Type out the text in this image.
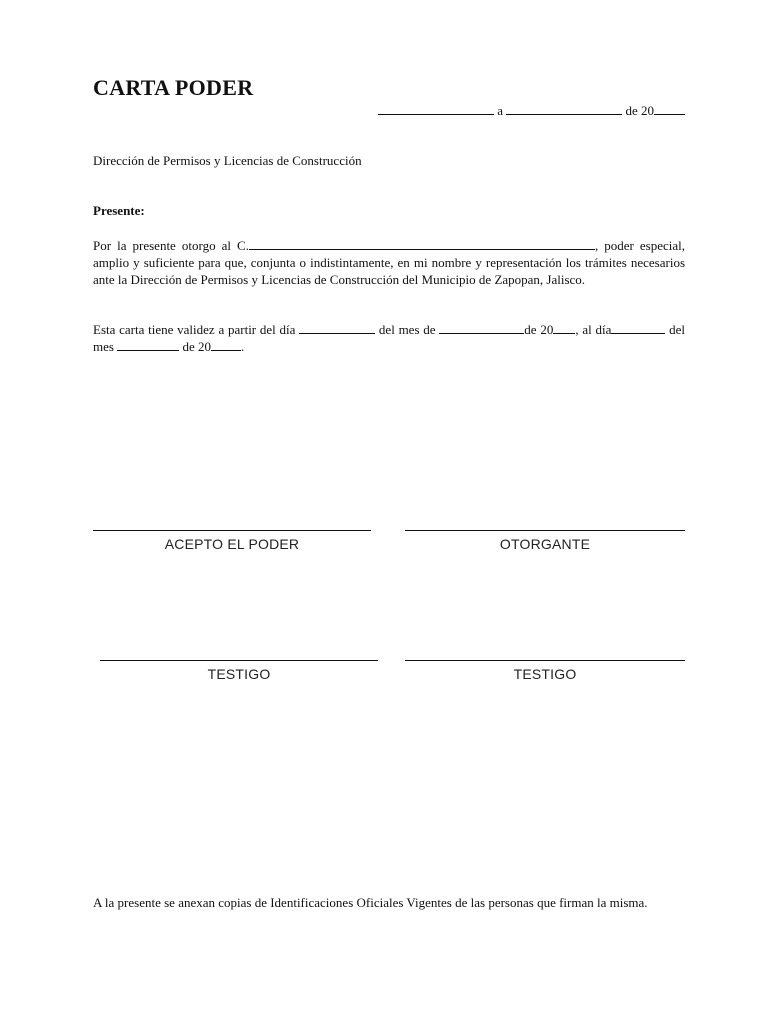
CARTA PODER
a	de 20

Dirección de Permisos y Licencias de Construcción

Presente:

Por la presente otorgo al C.	, poder especial, amplio y suficiente para que, conjunta o indistintamente, en mi nombre y representación los trámites necesarios ante la Dirección de Permisos y Licencias de Construcción del Municipio de Zapopan, Jalisco.

Esta carta tiene validez a partir del día	del mes de	de 20 , al día	del mes	de 20 .

ACEPTO EL PODER	OTORGANTE
TESTIGO	TESTIGO

A la presente se anexan copias de Identificaciones Oficiales Vigentes de las personas que firman la misma.
